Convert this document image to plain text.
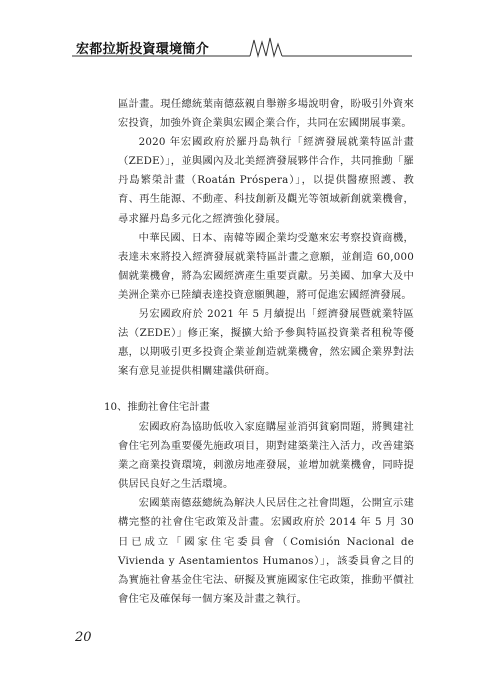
宏都拉斯投資環境簡介

區計畫。現任總統葉南德茲親自舉辦多場說明會，盼吸引外資來宏投資，加強外資企業與宏國企業合作，共同在宏國開展事業。

2020 年宏國政府於羅丹島執行「經濟發展就業特區計畫（ZEDE）」，並與國內及北美經濟發展夥伴合作，共同推動「羅丹島繁榮計畫（Roatán Próspera）」，以提供醫療照護、教育、再生能源、不動產、科技創新及觀光等領域新創就業機會，尋求羅丹島多元化之經濟強化發展。

中華民國、日本、南韓等國企業均受邀來宏考察投資商機，表達未來將投入經濟發展就業特區計畫之意願，並創造 60,000 個就業機會，將為宏國經濟產生重要貢獻。另美國、加拿大及中美洲企業亦已陸續表達投資意願興趣，將可促進宏國經濟發展。

另宏國政府於 2021 年 5 月續提出「經濟發展暨就業特區法（ZEDE）」修正案，擬擴大給予參與特區投資業者租稅等優惠，以期吸引更多投資企業並創造就業機會，然宏國企業界對法案有意見並提供相關建議供研商。

10、推動社會住宅計畫

宏國政府為協助低收入家庭購屋並消弭貧窮問題，將興建社會住宅列為重要優先施政項目，期對建築業注入活力，改善建築業之商業投資環境，刺激房地產發展，並增加就業機會，同時提供居民良好之生活環境。

宏國葉南德茲總統為解決人民居住之社會問題，公開宣示建構完整的社會住宅政策及計畫。宏國政府於 2014 年 5 月 30 日已成立「國家住宅委員會（Comisión Nacional de Vivienda y Asentamientos Humanos）」，該委員會之目的為實施社會基金住宅法、研擬及實施國家住宅政策，推動平價社會住宅及確保每一個方案及計畫之執行。

20
